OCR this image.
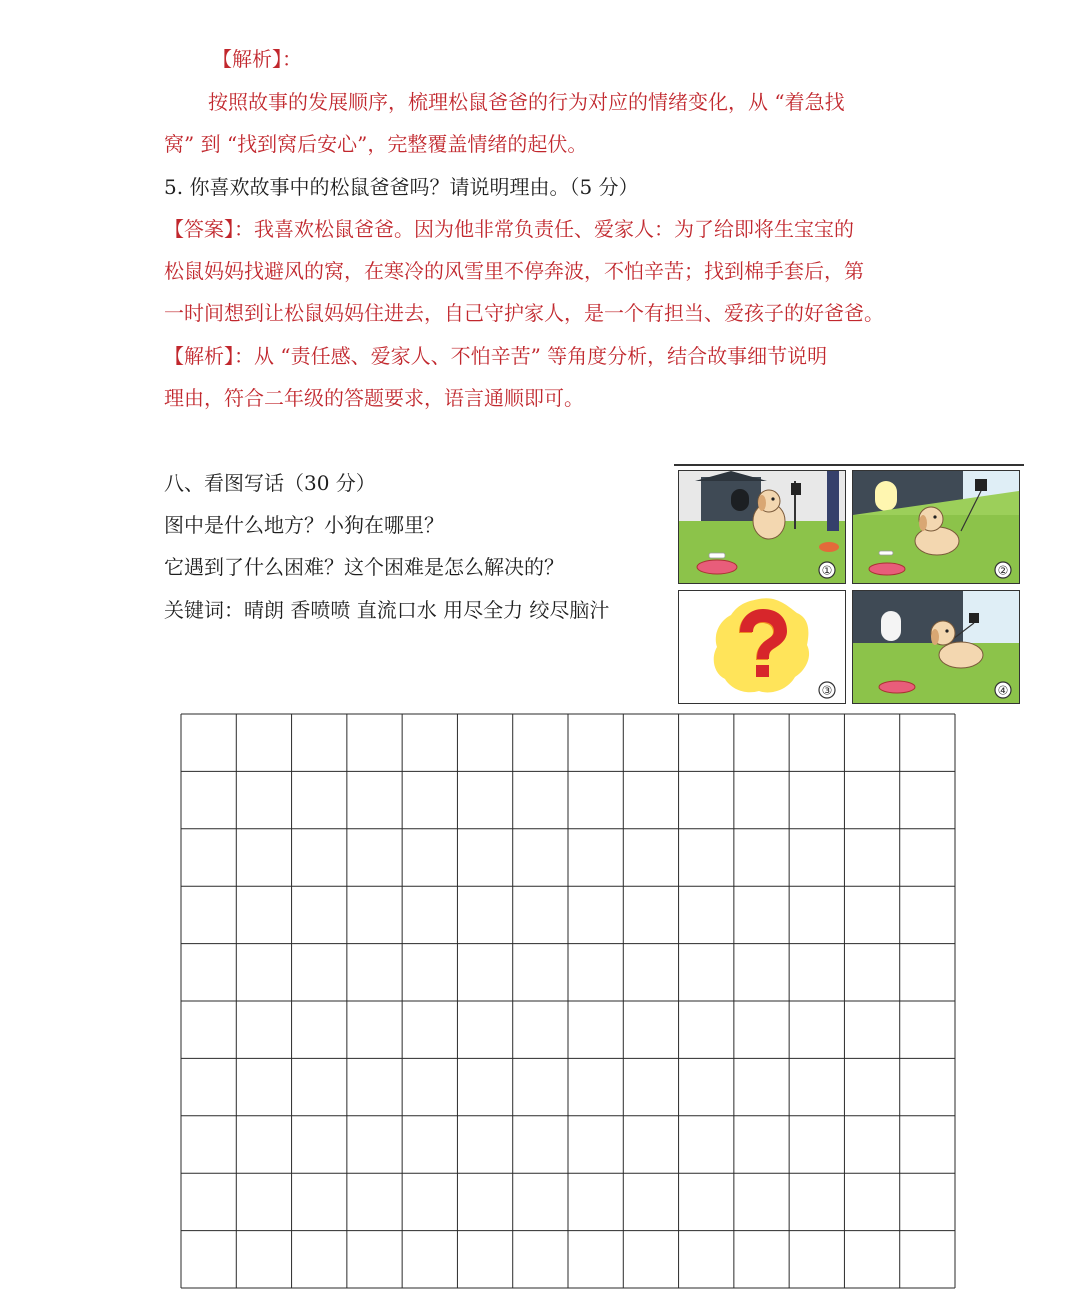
【解析】：

按照故事的发展顺序，梳理松鼠爸爸的行为对应的情绪变化，从 “着急找

窝” 到 “找到窝后安心”，完整覆盖情绪的起伏。

5. 你喜欢故事中的松鼠爸爸吗？请说明理由。（5 分）

【答案】：我喜欢松鼠爸爸。因为他非常负责任、爱家人：为了给即将生宝宝的

松鼠妈妈找避风的窝，在寒冷的风雪里不停奔波，不怕辛苦；找到棉手套后，第

一时间想到让松鼠妈妈住进去，自己守护家人，是一个有担当、爱孩子的好爸爸。

【解析】：从 “责任感、爱家人、不怕辛苦” 等角度分析，结合故事细节说明

理由，符合二年级的答题要求，语言通顺即可。

八、看图写话（30 分）

图中是什么地方？小狗在哪里？

它遇到了什么困难？这个困难是怎么解决的？

关键词：晴朗 香喷喷 直流口水 用尽全力 绞尽脑汁

①	②
③	④
